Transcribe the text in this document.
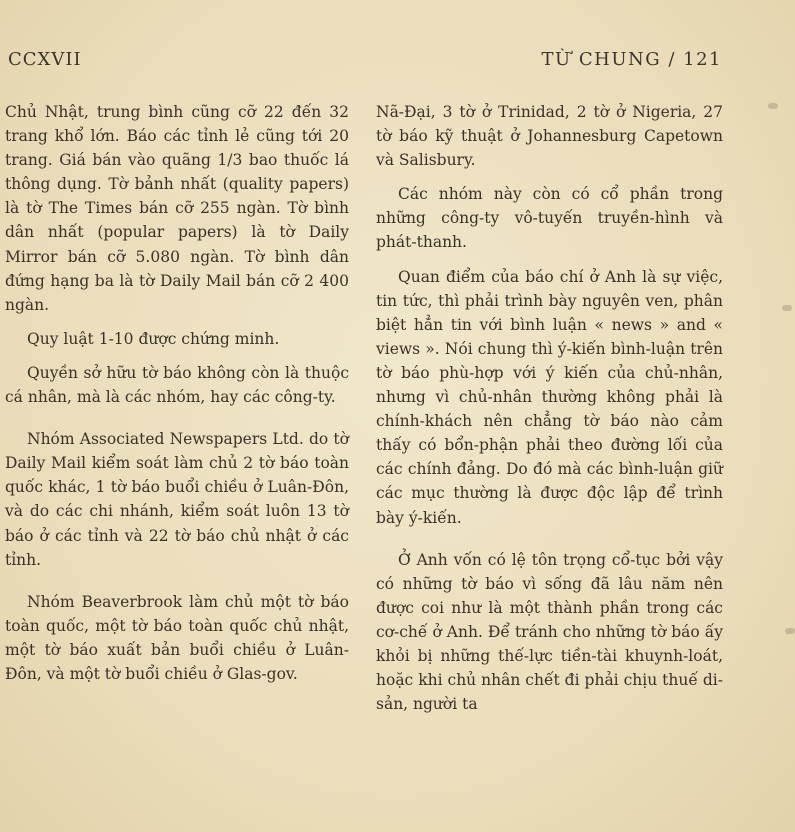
CCXVII	TỪ CHUNG / 121

Chủ Nhật, trung bình cũng cỡ 22 đến 32 trang khổ lớn. Báo các tỉnh lẻ cũng tới 20 trang. Giá bán vào quãng 1/3 bao thuốc lá thông dụng. Tờ bảnh nhất (quality papers) là tờ The Times bán cỡ 255 ngàn. Tờ bình dân nhất (popular papers) là tờ Daily Mirror bán cỡ 5.080 ngàn. Tờ bình dân đứng hạng ba là tờ Daily Mail bán cỡ 2 400 ngàn.

Quy luật 1-10 được chứng minh.

Quyền sở hữu tờ báo không còn là thuộc cá nhân, mà là các nhóm, hay các công-ty.

Nhóm Associated Newspapers Ltd. do tờ Daily Mail kiểm soát làm chủ 2 tờ báo toàn quốc khác, 1 tờ báo buổi chiều ở Luân-Đôn, và do các chi nhánh, kiểm soát luôn 13 tờ báo ở các tỉnh và 22 tờ báo chủ nhật ở các tỉnh.

Nhóm Beaverbrook làm chủ một tờ báo toàn quốc, một tờ báo toàn quốc chủ nhật, một tờ báo xuất bản buổi chiều ở Luân-Đôn, và một tờ buổi chiều ở Glas-gov.

Nã-Đại, 3 tờ ở Trinidad, 2 tờ ở Nigeria, 27 tờ báo kỹ thuật ở Johannesburg Capetown và Salisbury.

Các nhóm này còn có cổ phần trong những công-ty vô-tuyến truyền-hình và phát-thanh.

Quan điểm của báo chí ở Anh là sự việc, tin tức, thì phải trình bày nguyên ven, phân biệt hẳn tin với bình luận « news » and « views ». Nói chung thì ý-kiến bình-luận trên tờ báo phù-hợp với ý kiến của chủ-nhân, nhưng vì chủ-nhân thường không phải là chính-khách nên chẳng tờ báo nào cảm thấy có bổn-phận phải theo đường lối của các chính đảng. Do đó mà các bình-luận giữ các mục thường là được độc lập để trình bày ý-kiến.

Ở Anh vốn có lệ tôn trọng cổ-tục bởi vậy có những tờ báo vì sống đã lâu năm nên được coi như là một thành phần trong các cơ-chế ở Anh. Để tránh cho những tờ báo ấy khỏi bị những thế-lực tiền-tài khuynh-loát, hoặc khi chủ nhân chết đi phải chịu thuế di-sản, người ta
